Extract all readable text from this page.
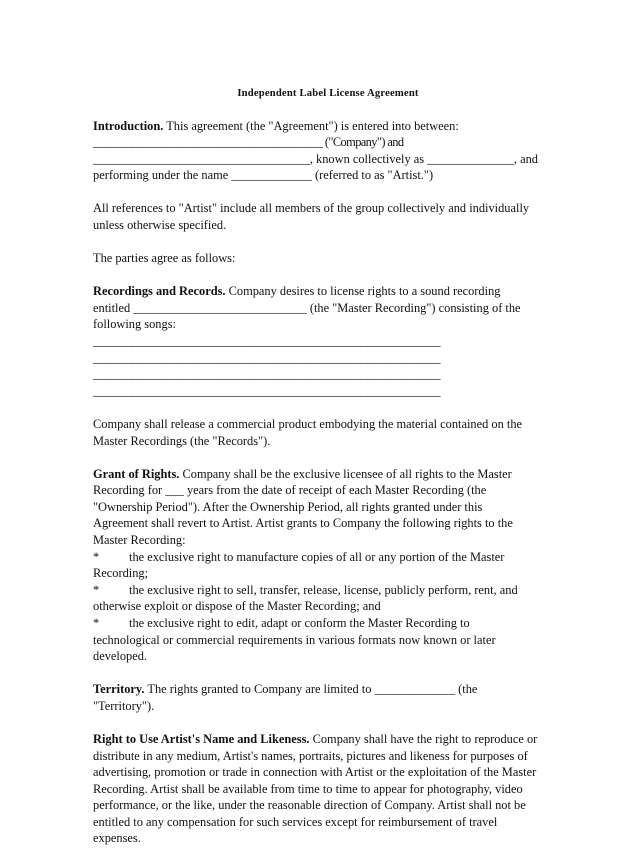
Independent Label License Agreement

Introduction. This agreement (the "Agreement") is entered into between:
_________________________________________ ("Company") and
___________________________________, known collectively as ______________, and
performing under the name _____________ (referred to as "Artist.")

All references to "Artist" include all members of the group collectively and individually
unless otherwise specified.

The parties agree as follows:

Recordings and Records. Company desires to license rights to a sound recording
entitled ____________________________ (the "Master Recording") consisting of the
following songs:
______________________________________________________________
______________________________________________________________
______________________________________________________________
______________________________________________________________

Company shall release a commercial product embodying the material contained on the
Master Recordings (the "Records").

Grant of Rights. Company shall be the exclusive licensee of all rights to the Master
Recording for ___ years from the date of receipt of each Master Recording (the
"Ownership Period"). After the Ownership Period, all rights granted under this
Agreement shall revert to Artist. Artist grants to Company the following rights to the
Master Recording:
* the exclusive right to manufacture copies of all or any portion of the Master
Recording;
* the exclusive right to sell, transfer, release, license, publicly perform, rent, and
otherwise exploit or dispose of the Master Recording; and
* the exclusive right to edit, adapt or conform the Master Recording to
technological or commercial requirements in various formats now known or later
developed.

Territory. The rights granted to Company are limited to _____________ (the
"Territory").

Right to Use Artist's Name and Likeness. Company shall have the right to reproduce or
distribute in any medium, Artist's names, portraits, pictures and likeness for purposes of
advertising, promotion or trade in connection with Artist or the exploitation of the Master
Recording. Artist shall be available from time to time to appear for photography, video
performance, or the like, under the reasonable direction of Company. Artist shall not be
entitled to any compensation for such services except for reimbursement of travel
expenses.
